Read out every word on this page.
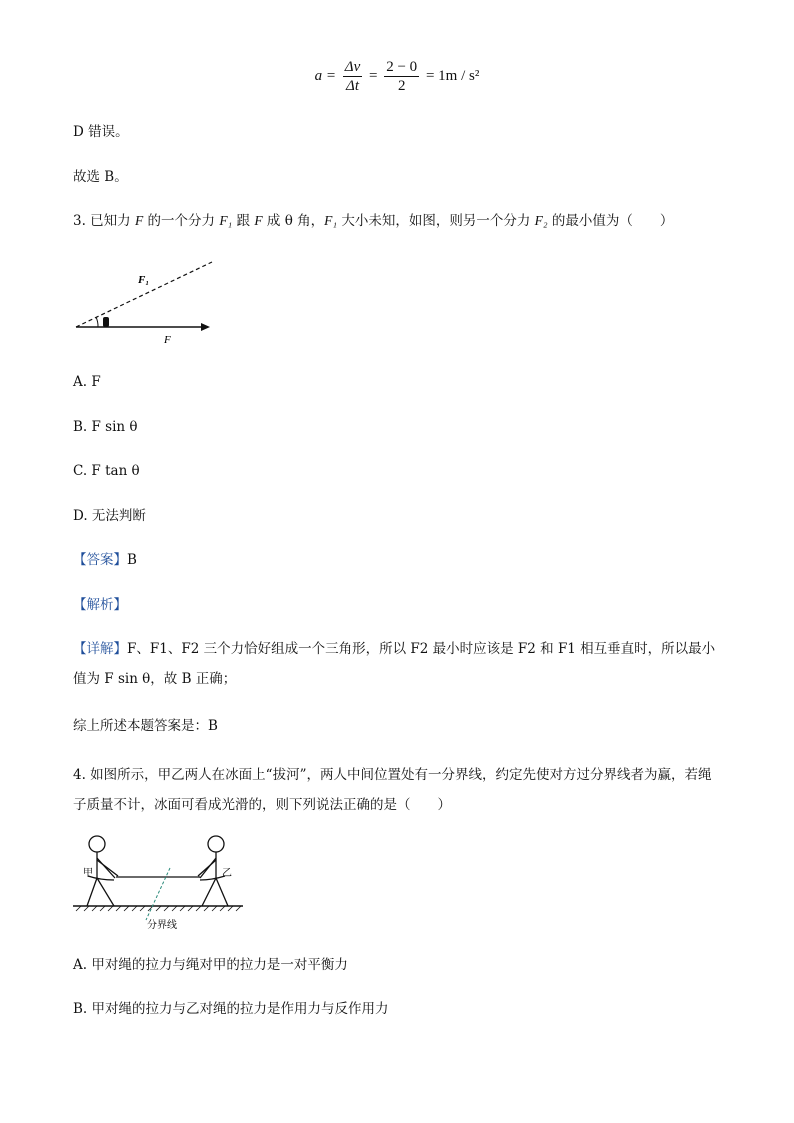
$a = \frac{\Delta v}{\Delta t} = \frac{2 - 0}{2} = 1m / s^2$
D 错误。
故选 B。
3. 已知力 F 的一个分力 F₁ 跟 F 成 θ 角，F₁ 大小未知，如图，则另一个分力 F₂ 的最小值为（　　）
F₁
F
A. F
B. F sin θ
C. F tan θ
D. 无法判断
【答案】B
【解析】
【详解】F、F1、F2 三个力恰好组成一个三角形，所以 F2 最小时应该是 F2 和 F1 相互垂直时，所以最小值为 F sin θ，故 B 正确；
综上所述本题答案是：B
4. 如图所示，甲乙两人在冰面上“拔河”，两人中间位置处有一分界线，约定先使对方过分界线者为赢，若绳子质量不计，冰面可看成光滑的，则下列说法正确的是（　　）
甲	乙
分界线
A. 甲对绳的拉力与绳对甲的拉力是一对平衡力
B. 甲对绳的拉力与乙对绳的拉力是作用力与反作用力
